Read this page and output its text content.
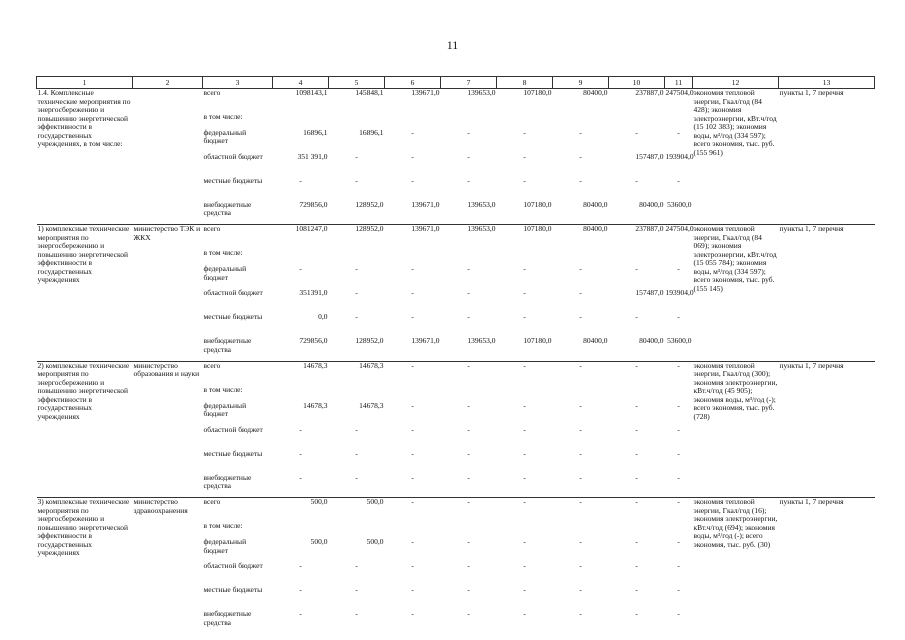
11
1	2	3	4	5	6	7	8	9	10	11	12	13
1.4. Комплексные технические мероприятия по энергосбережению и повышению энергетической эффективности в государственных учреждениях, в том числе:		всего	1098143,1	145848,1	139671,0	139653,0	107180,0	80400,0	237887,0	247504,0	экономия тепловой энергии, Гкал/год (84 428); экономия электроэнергии, кВт.ч/год (15 102 383); экономия воды, м³/год (334 597); всего экономия, тыс. руб. (155 961)	пункты 1, 7 перечня
		в том числе:										
		федеральный бюджет	16896,1	16896,1	-	-	-	-	-	-		
		областной бюджет	351 391,0	-	-	-	-	-	157487,0	193904,0		
		местные бюджеты	-	-	-	-	-	-	-	-		
		внебюджетные средства	729856,0	128952,0	139671,0	139653,0	107180,0	80400,0	80400,0	53600,0		

1) комплексные технические мероприятия по энергосбережению и повышению энергетической эффективности в государственных учреждениях	министерство ТЭК и ЖКХ	всего	1081247,0	128952,0	139671,0	139653,0	107180,0	80400,0	237887,0	247504,0	экономия тепловой энергии, Гкал/год (84 069); экономия электроэнергии, кВт.ч/год (15 055 784); экономия воды, м³/год (334 597); всего экономия, тыс. руб. (155 145)	пункты 1, 7 перечня
		в том числе:										
		федеральный бюджет	-	-	-	-	-	-	-	-		
		областной бюджет	351391,0	-	-	-	-	-	157487,0	193904,0		
		местные бюджеты	0,0	-	-	-	-	-	-	-		
		внебюджетные средства	729856,0	128952,0	139671,0	139653,0	107180,0	80400,0	80400,0	53600,0		

2) комплексные технические мероприятия по энергосбережению и повышению энергетической эффективности в государственных учреждениях	министерство образования и науки	всего	14678,3	14678,3	-	-	-	-	-	-	экономия тепловой энергии, Гкал/год (300); экономия электроэнергии, кВт.ч/год (45 905); экономия воды, м³/год (-); всего экономия, тыс. руб. (728)	пункты 1, 7 перечня
		в том числе:										
		федеральный бюджет	14678,3	14678,3	-	-	-	-	-	-		
		областной бюджет	-	-	-	-	-	-	-	-		
		местные бюджеты	-	-	-	-	-	-	-	-		
		внебюджетные средства	-	-	-	-	-	-	-	-		

3) комплексные технические мероприятия по энергосбережению и повышению энергетической эффективности в государственных учреждениях	министерство здравоохранения	всего	500,0	500,0	-	-	-	-	-	-	экономия тепловой энергии, Гкал/год (16); экономия электроэнергии, кВт.ч/год (694); экономия воды, м³/год (-); всего экономия, тыс. руб. (30)	пункты 1, 7 перечня
		в том числе:										
		федеральный бюджет	500,0	500,0	-	-	-	-	-	-		
		областной бюджет	-	-	-	-	-	-	-	-		
		местные бюджеты	-	-	-	-	-	-	-	-		
		внебюджетные средства	-	-	-	-	-	-	-	-		
